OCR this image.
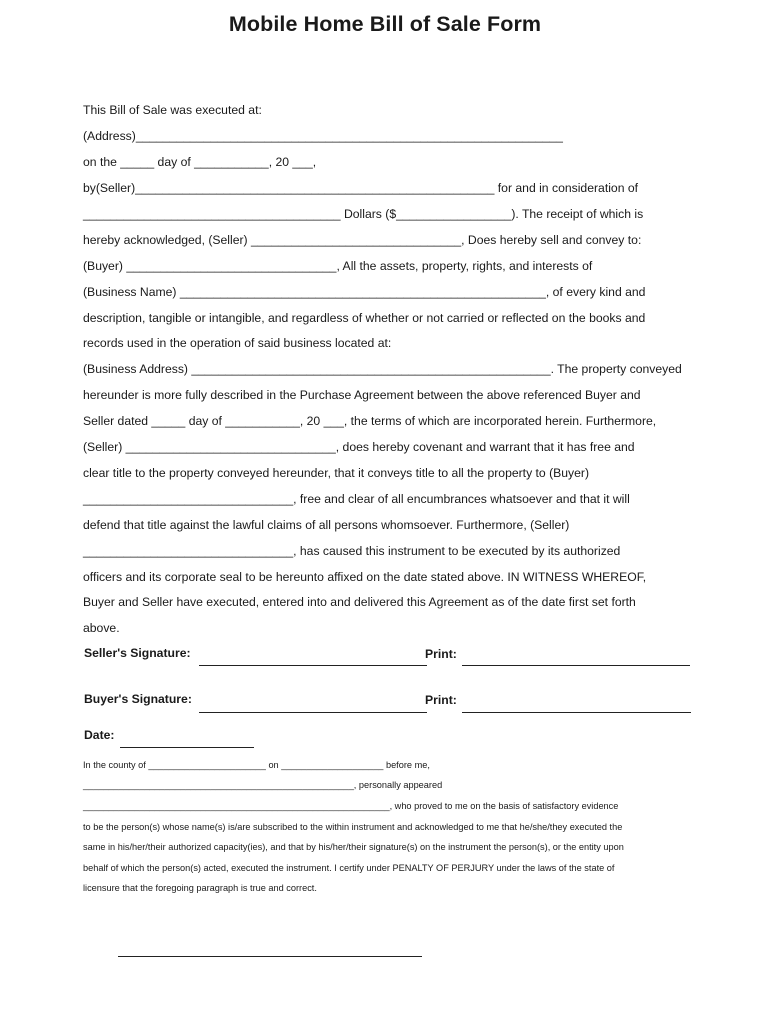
Mobile Home Bill of Sale Form
This Bill of Sale was executed at:
(Address)_______________________________________________________________
on the _____ day of ___________, 20 ___,
by(Seller)_____________________________________________________ for and in consideration of
______________________________________ Dollars ($_________________). The receipt of which is
hereby acknowledged, (Seller) _______________________________, Does hereby sell and convey to:
(Buyer) _______________________________, All the assets, property, rights, and interests of
(Business Name) ______________________________________________________, of every kind and
description, tangible or intangible, and regardless of whether or not carried or reflected on the books and
records used in the operation of said business located at:
(Business Address) _____________________________________________________. The property conveyed
hereunder is more fully described in the Purchase Agreement between the above referenced Buyer and
Seller dated _____ day of ___________, 20 ___, the terms of which are incorporated herein. Furthermore,
(Seller) _______________________________, does hereby covenant and warrant that it has free and
clear title to the property conveyed hereunder, that it conveys title to all the property to (Buyer)
_______________________________, free and clear of all encumbrances whatsoever and that it will
defend that title against the lawful claims of all persons whomsoever. Furthermore, (Seller)
_______________________________, has caused this instrument to be executed by its authorized
officers and its corporate seal to be hereunto affixed on the date stated above. IN WITNESS WHEREOF,
Buyer and Seller have executed, entered into and delivered this Agreement as of the date first set forth
above.
Seller's Signature:	Print:
Buyer's Signature:	Print:
Date:
In the county of _______________________ on ____________________ before me,
_____________________________________________________, personally appeared
____________________________________________________________, who proved to me on the basis of satisfactory evidence
to be the person(s) whose name(s) is/are subscribed to the within instrument and acknowledged to me that he/she/they executed the
same in his/her/their authorized capacity(ies), and that by his/her/their signature(s) on the instrument the person(s), or the entity upon
behalf of which the person(s) acted, executed the instrument. I certify under PENALTY OF PERJURY under the laws of the state of
licensure that the foregoing paragraph is true and correct.
